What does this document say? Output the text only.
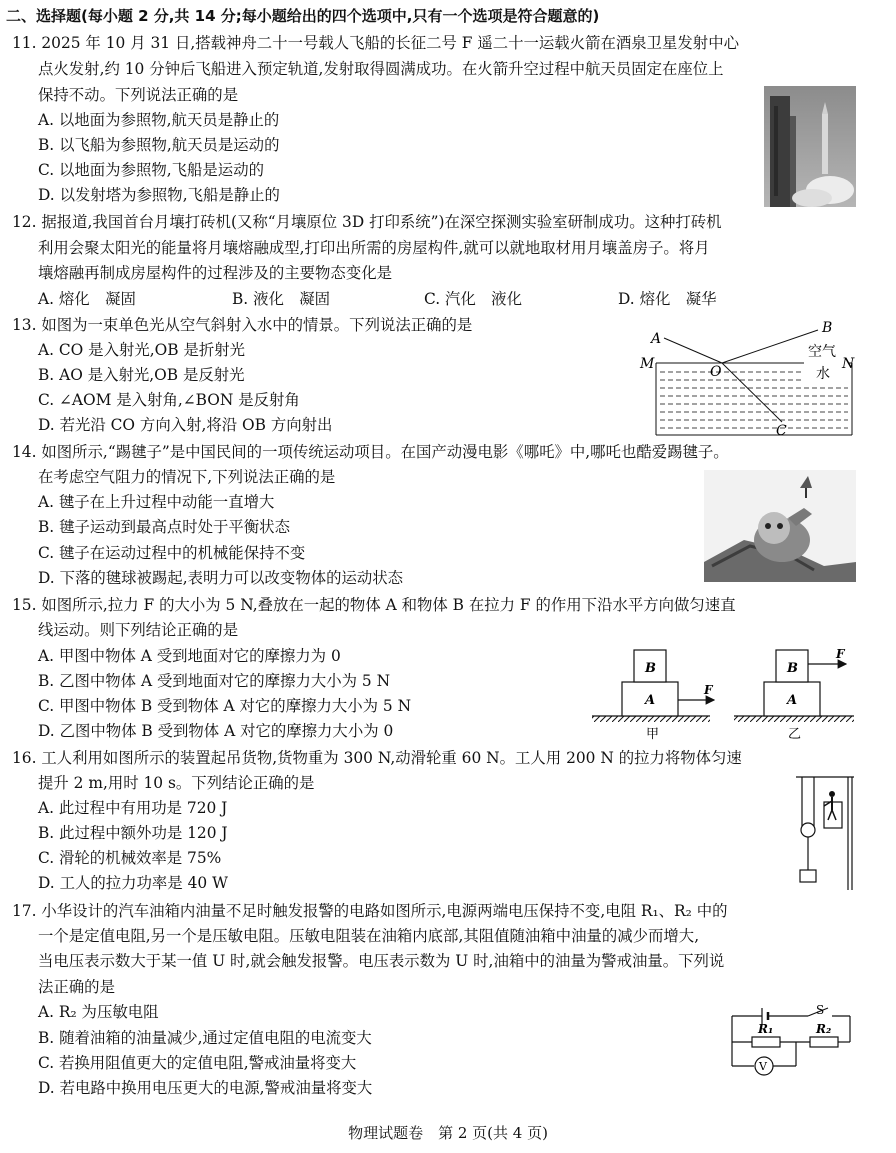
二、选择题(每小题 2 分,共 14 分;每小题给出的四个选项中,只有一个选项是符合题意的)
11. 2025 年 10 月 31 日,搭载神舟二十一号载人飞船的长征二号 F 遥二十一运载火箭在酒泉卫星发射中心
点火发射,约 10 分钟后飞船进入预定轨道,发射取得圆满成功。在火箭升空过程中航天员固定在座位上
保持不动。下列说法正确的是
A. 以地面为参照物,航天员是静止的
B. 以飞船为参照物,航天员是运动的
C. 以地面为参照物,飞船是运动的
D. 以发射塔为参照物,飞船是静止的
12. 据报道,我国首台月壤打砖机(又称“月壤原位 3D 打印系统”)在深空探测实验室研制成功。这种打砖机
利用会聚太阳光的能量将月壤熔融成型,打印出所需的房屋构件,就可以就地取材用月壤盖房子。将月
壤熔融再制成房屋构件的过程涉及的主要物态变化是
A. 熔化　凝固	B. 液化　凝固	C. 汽化　液化	D. 熔化　凝华
13. 如图为一束单色光从空气斜射入水中的情景。下列说法正确的是
A. CO 是入射光,OB 是折射光
B. AO 是入射光,OB 是反射光
C. ∠AOM 是入射角,∠BON 是反射角
D. 若光沿 CO 方向入射,将沿 OB 方向射出
A
B
M	N
O
C
空气
水
14. 如图所示,“踢毽子”是中国民间的一项传统运动项目。在国产动漫电影《哪吒》中,哪吒也酷爱踢毽子。
在考虑空气阻力的情况下,下列说法正确的是
A. 毽子在上升过程中动能一直增大
B. 毽子运动到最高点时处于平衡状态
C. 毽子在运动过程中的机械能保持不变
D. 下落的毽球被踢起,表明力可以改变物体的运动状态
15. 如图所示,拉力 F 的大小为 5 N,叠放在一起的物体 A 和物体 B 在拉力 F 的作用下沿水平方向做匀速直
线运动。则下列结论正确的是
A. 甲图中物体 A 受到地面对它的摩擦力为 0
B. 乙图中物体 A 受到地面对它的摩擦力大小为 5 N
C. 甲图中物体 B 受到物体 A 对它的摩擦力大小为 5 N
D. 乙图中物体 B 受到物体 A 对它的摩擦力大小为 0
B
A
F
甲
B
A
F
乙
16. 工人利用如图所示的装置起吊货物,货物重为 300 N,动滑轮重 60 N。工人用 200 N 的拉力将物体匀速
提升 2 m,用时 10 s。下列结论正确的是
A. 此过程中有用功是 720 J
B. 此过程中额外功是 120 J
C. 滑轮的机械效率是 75%
D. 工人的拉力功率是 40 W
17. 小华设计的汽车油箱内油量不足时触发报警的电路如图所示,电源两端电压保持不变,电阻 R₁、R₂ 中的
一个是定值电阻,另一个是压敏电阻。压敏电阻装在油箱内底部,其阻值随油箱中油量的减少而增大,
当电压表示数大于某一值 U 时,就会触发报警。电压表示数为 U 时,油箱中的油量为警戒油量。下列说
法正确的是
A. R₂ 为压敏电阻
B. 随着油箱的油量减少,通过定值电阻的电流变大
C. 若换用阻值更大的定值电阻,警戒油量将变大
D. 若电路中换用电压更大的电源,警戒油量将变大
S
R₁	R₂
V
物理试题卷　第 2 页(共 4 页)
